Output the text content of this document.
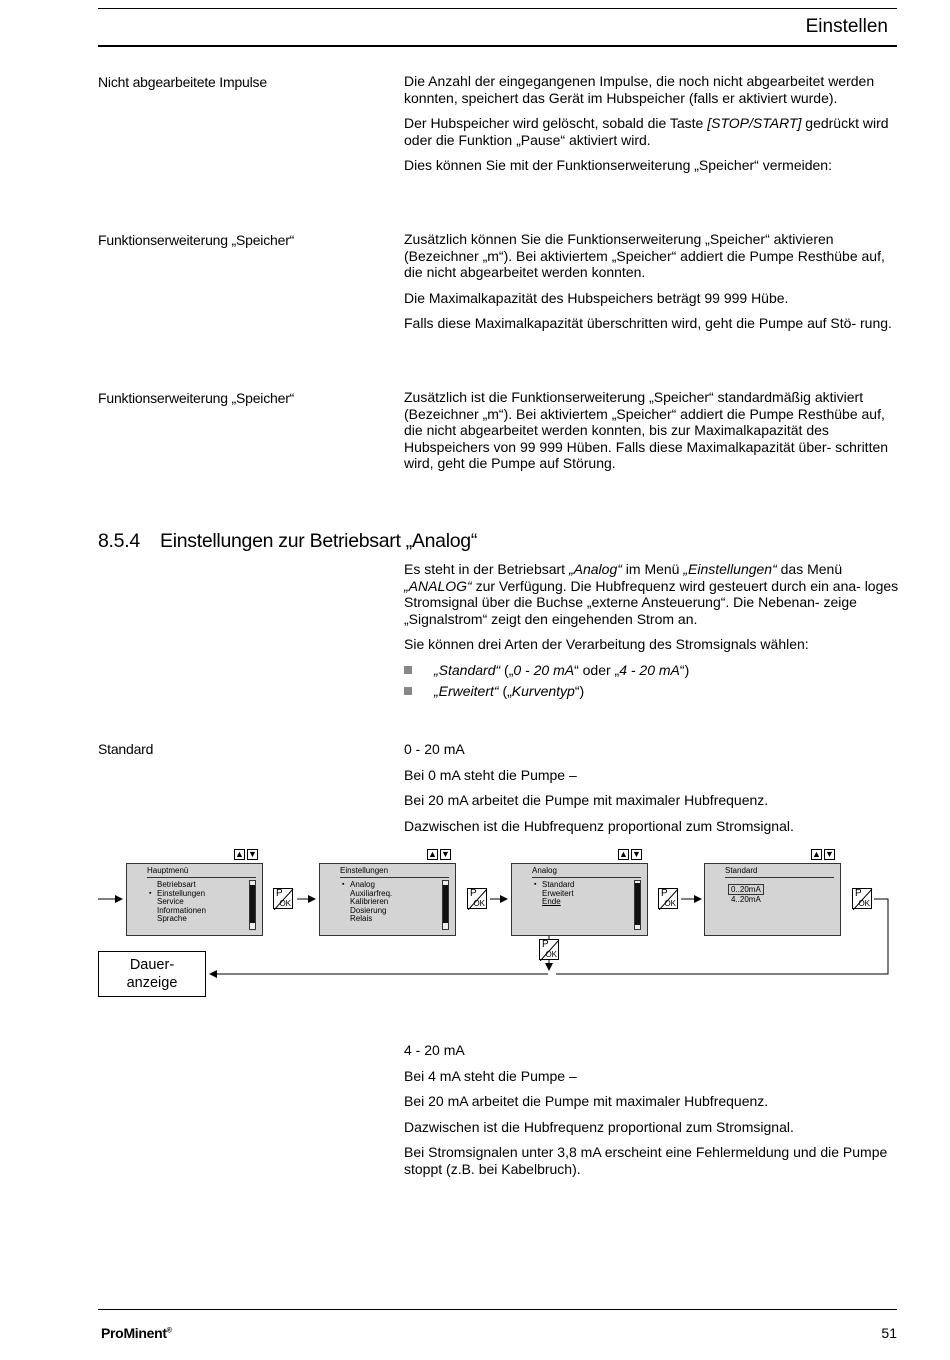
Einstellen
Nicht abgearbeitete Impulse	Die Anzahl der eingegangenen Impulse, die noch nicht abgearbeitet werden konnten, speichert das Gerät im Hubspeicher (falls er aktiviert wurde).

Der Hubspeicher wird gelöscht, sobald die Taste [STOP/START] gedrückt wird oder die Funktion „Pause“ aktiviert wird.

Dies können Sie mit der Funktionserweiterung „Speicher“ vermeiden:

Funktionserweiterung „Speicher“	Zusätzlich können Sie die Funktionserweiterung „Speicher“ aktivieren (Bezeichner „m“). Bei aktiviertem „Speicher“ addiert die Pumpe Resthübe auf, die nicht abgearbeitet werden konnten.

Die Maximalkapazität des Hubspeichers beträgt 99 999 Hübe.

Falls diese Maximalkapazität überschritten wird, geht die Pumpe auf Stö- rung.

Funktionserweiterung „Speicher“	Zusätzlich ist die Funktionserweiterung „Speicher“ standardmäßig aktiviert (Bezeichner „m“). Bei aktiviertem „Speicher“ addiert die Pumpe Resthübe auf, die nicht abgearbeitet werden konnten, bis zur Maximalkapazität des Hubspeichers von 99 999 Hüben. Falls diese Maximalkapazität über- schritten wird, geht die Pumpe auf Störung.

8.5.4 Einstellungen zur Betriebsart „Analog“

Es steht in der Betriebsart „Analog“ im Menü „Einstellungen“ das Menü „ANALOG“ zur Verfügung. Die Hubfrequenz wird gesteuert durch ein ana- loges Stromsignal über die Buchse „externe Ansteuerung“. Die Nebenan- zeige „Signalstrom“ zeigt den eingehenden Strom an.

Sie können drei Arten der Verarbeitung des Stromsignals wählen:

„Standard“ („0 - 20 mA“ oder „4 - 20 mA“)
„Erweitert“ („Kurventyp“)
Standard	0 - 20 mA

Bei 0 mA steht die Pumpe –

Bei 20 mA arbeitet die Pumpe mit maximaler Hubfrequenz.

Dazwischen ist die Hubfrequenz proportional zum Stromsignal.

▲ ▼	▲ ▼	▲ ▼	▲ ▼
Hauptmenü
Betriebsart
▪ Einstellungen
Service
Informationen
Sprache
Einstellungen
▪ Analog
Auxiliarfreq.
Kalibrieren
Dosierung
Relais
Analog
▪ Standard
Erweitert
Ende
Standard
0..20mA
4..20mA
P
OK
P
OK
P
OK
P
OK
P
OK
Dauer-
anzeige

4 - 20 mA

Bei 4 mA steht die Pumpe –

Bei 20 mA arbeitet die Pumpe mit maximaler Hubfrequenz.

Dazwischen ist die Hubfrequenz proportional zum Stromsignal.

Bei Stromsignalen unter 3,8 mA erscheint eine Fehlermeldung und die Pumpe stoppt (z.B. bei Kabelbruch).

ProMinent®	51
